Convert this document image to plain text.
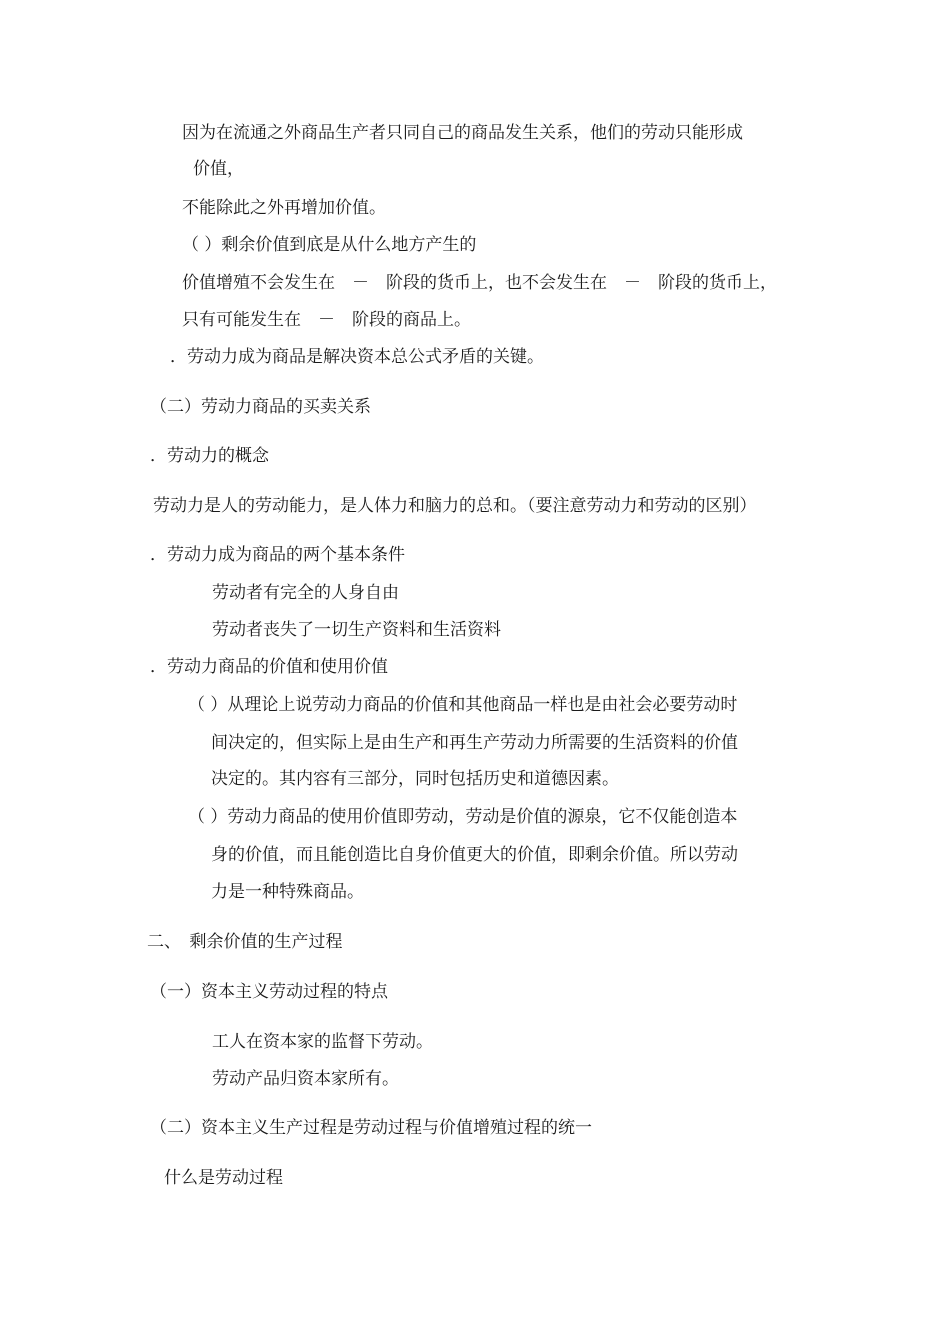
因为在流通之外商品生产者只同自己的商品发生关系，他们的劳动只能形成
价值，
不能除此之外再增加价值。
（ ）剩余价值到底是从什么地方产生的
价值增殖不会发生在　－　阶段的货币上，也不会发生在　－　阶段的货币上，
只有可能发生在　－　阶段的商品上。
．劳动力成为商品是解决资本总公式矛盾的关键。
（二）劳动力商品的买卖关系
．劳动力的概念
劳动力是人的劳动能力，是人体力和脑力的总和。（要注意劳动力和劳动的区别）
．劳动力成为商品的两个基本条件
劳动者有完全的人身自由
劳动者丧失了一切生产资料和生活资料
．劳动力商品的价值和使用价值
（ ）从理论上说劳动力商品的价值和其他商品一样也是由社会必要劳动时
间决定的，但实际上是由生产和再生产劳动力所需要的生活资料的价值
决定的。其内容有三部分，同时包括历史和道德因素。
（ ）劳动力商品的使用价值即劳动，劳动是价值的源泉，它不仅能创造本
身的价值，而且能创造比自身价值更大的价值，即剩余价值。所以劳动
力是一种特殊商品。
二、　剩余价值的生产过程
（一）资本主义劳动过程的特点
工人在资本家的监督下劳动。
劳动产品归资本家所有。
（二）资本主义生产过程是劳动过程与价值增殖过程的统一
什么是劳动过程
